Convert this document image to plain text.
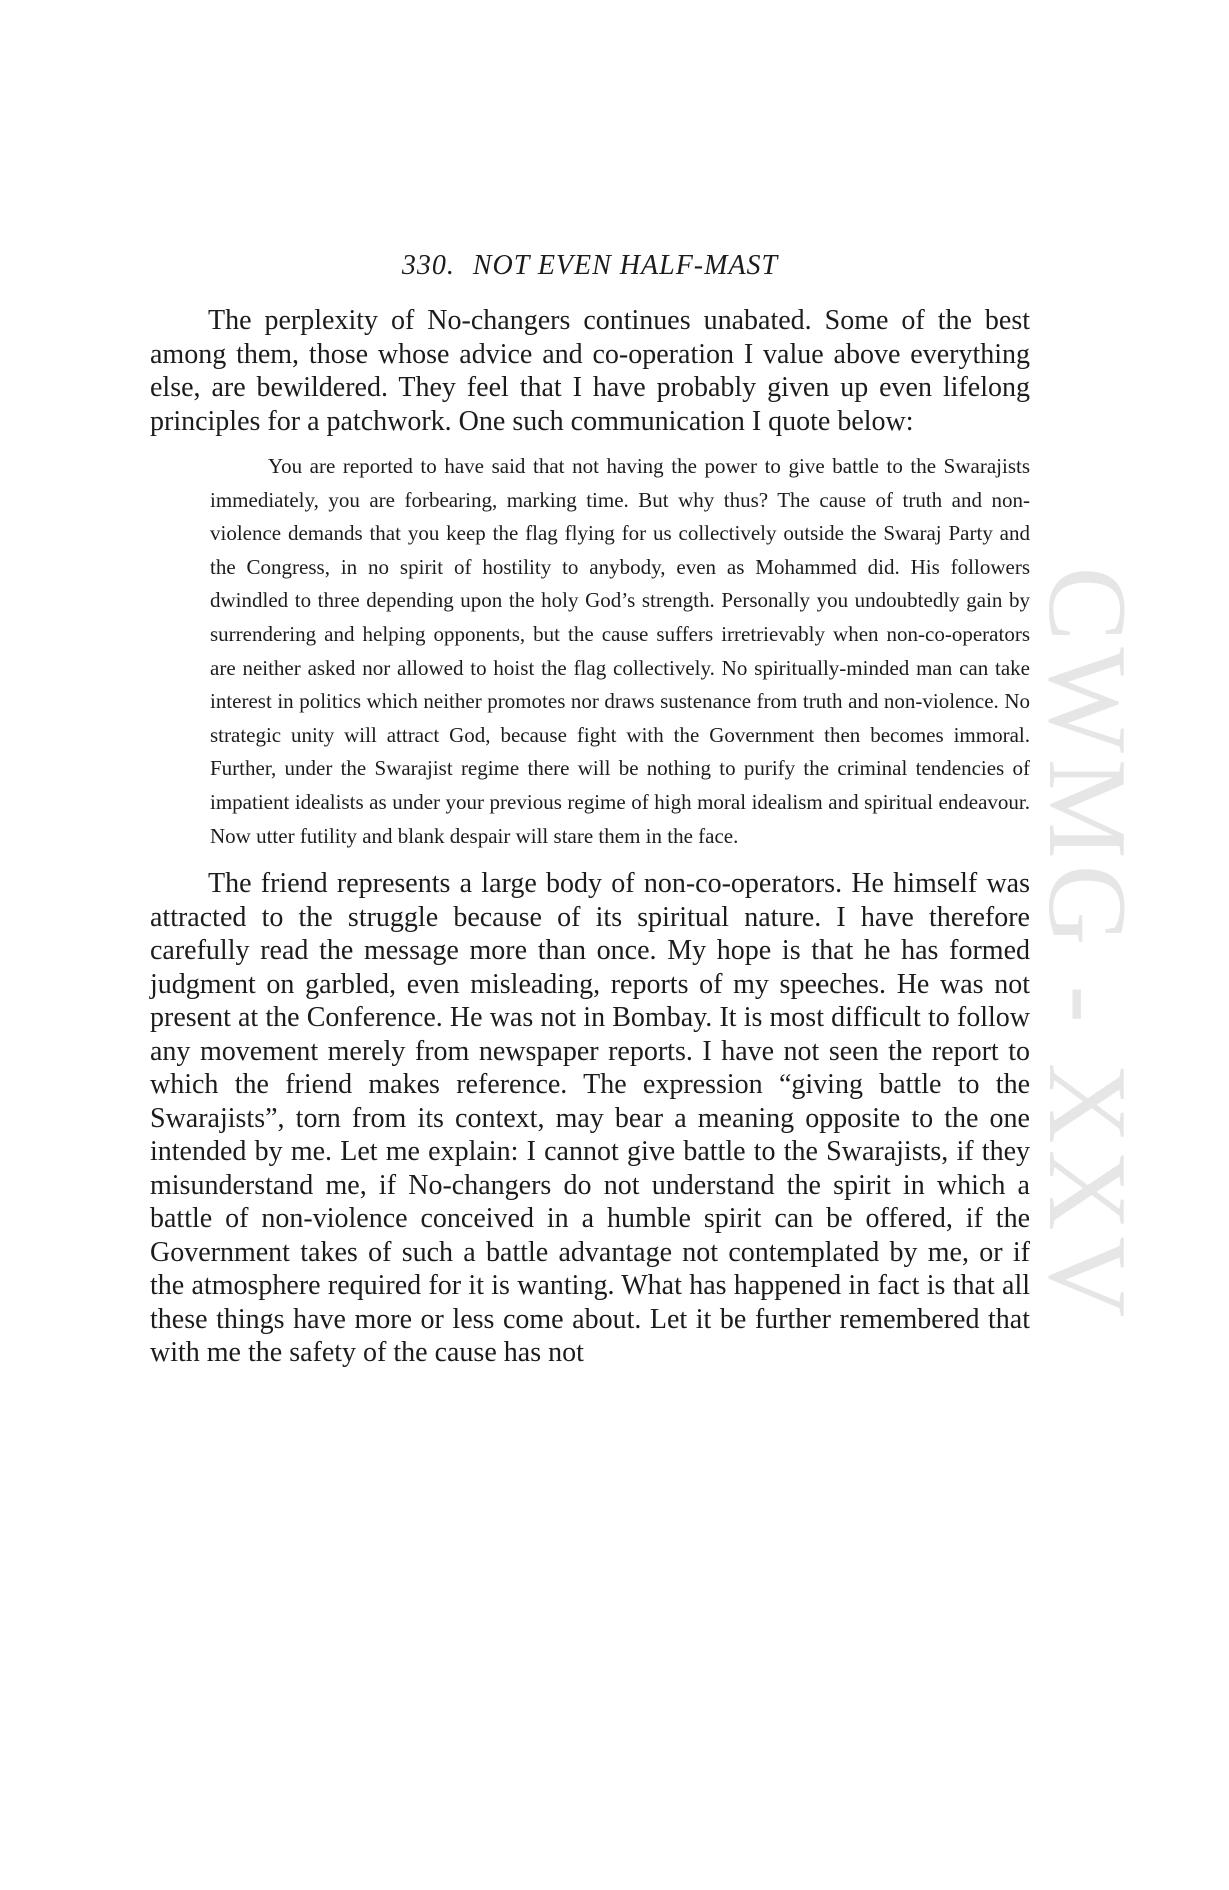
CWMG - XXV
330. NOT EVEN HALF-MAST

The perplexity of No-changers continues unabated. Some of the best among them, those whose advice and co-operation I value above everything else, are bewildered. They feel that I have probably given up even lifelong principles for a patchwork. One such communication I quote below:

You are reported to have said that not having the power to give battle to the Swarajists immediately, you are forbearing, marking time. But why thus? The cause of truth and non-violence demands that you keep the flag flying for us collectively outside the Swaraj Party and the Congress, in no spirit of hostility to anybody, even as Mohammed did. His followers dwindled to three depending upon the holy God’s strength. Personally you undoubtedly gain by surrendering and helping opponents, but the cause suffers irretrievably when non-co-operators are neither asked nor allowed to hoist the flag collectively. No spiritually-minded man can take interest in politics which neither promotes nor draws sustenance from truth and non-violence. No strategic unity will attract God, because fight with the Government then becomes immoral. Further, under the Swarajist regime there will be nothing to purify the criminal tendencies of impatient idealists as under your previous regime of high moral idealism and spiritual endeavour. Now utter futility and blank despair will stare them in the face.

The friend represents a large body of non-co-operators. He himself was attracted to the struggle because of its spiritual nature. I have therefore carefully read the message more than once. My hope is that he has formed judgment on garbled, even misleading, reports of my speeches. He was not present at the Conference. He was not in Bombay. It is most difficult to follow any movement merely from newspaper reports. I have not seen the report to which the friend makes reference. The expression “giving battle to the Swarajists”, torn from its context, may bear a meaning opposite to the one intended by me. Let me explain: I cannot give battle to the Swarajists, if they misunderstand me, if No-changers do not understand the spirit in which a battle of non-violence conceived in a humble spirit can be offered, if the Government takes of such a battle advantage not contemplated by me, or if the atmosphere required for it is wanting. What has happened in fact is that all these things have more or less come about. Let it be further remembered that with me the safety of the cause has not
